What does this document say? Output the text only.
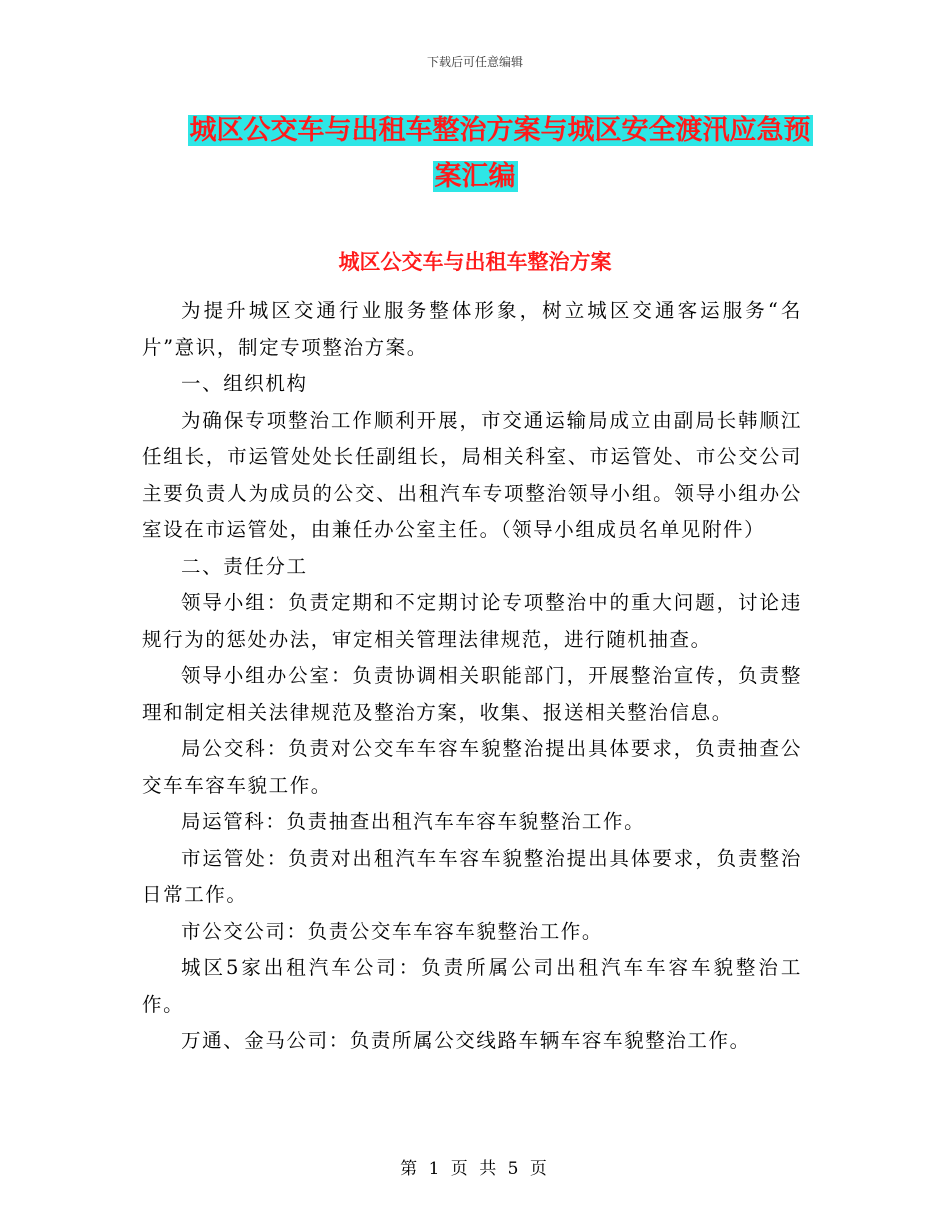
下载后可任意编辑
城区公交车与出租车整治方案与城区安全渡汛应急预
案汇编
城区公交车与出租车整治方案

为提升城区交通行业服务整体形象，树立城区交通客运服务“名片”意识，制定专项整治方案。

一、组织机构

为确保专项整治工作顺利开展，市交通运输局成立由副局长韩顺江任组长，市运管处处长任副组长，局相关科室、市运管处、市公交公司主要负责人为成员的公交、出租汽车专项整治领导小组。领导小组办公室设在市运管处，由兼任办公室主任。（领导小组成员名单见附件）

二、责任分工

领导小组：负责定期和不定期讨论专项整治中的重大问题，讨论违规行为的惩处办法，审定相关管理法律规范，进行随机抽查。

领导小组办公室：负责协调相关职能部门，开展整治宣传，负责整理和制定相关法律规范及整治方案，收集、报送相关整治信息。

局公交科：负责对公交车车容车貌整治提出具体要求，负责抽查公交车车容车貌工作。

局运管科：负责抽查出租汽车车容车貌整治工作。

市运管处：负责对出租汽车车容车貌整治提出具体要求，负责整治日常工作。

市公交公司：负责公交车车容车貌整治工作。

城区5家出租汽车公司：负责所属公司出租汽车车容车貌整治工作。

万通、金马公司：负责所属公交线路车辆车容车貌整治工作。

第 1 页 共 5 页
